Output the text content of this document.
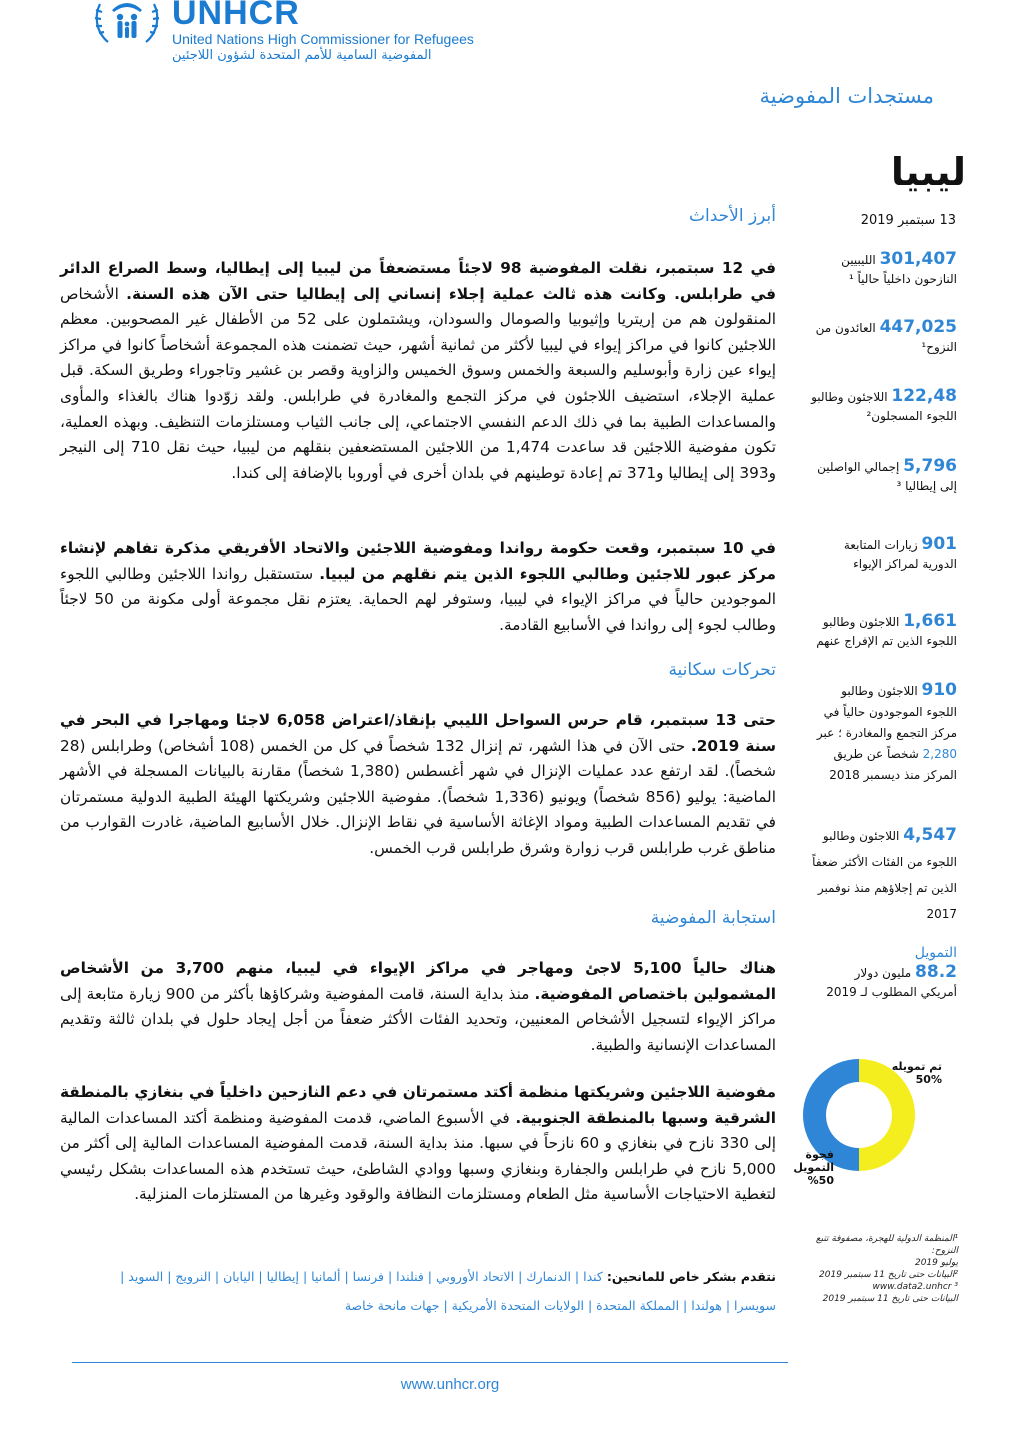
UNHCR
United Nations High Commissioner for Refugees
المفوضية السامية للأمم المتحدة لشؤون اللاجئين
مستجدات المفوضية
ليبيا
13 سبتمبر 2019
أبرز الأحداث
في 12 سبتمبر، نقلت المفوضية 98 لاجئاً مستضعفاً من ليبيا إلى إيطاليا، وسط الصراع الدائر في طرابلس. وكانت هذه ثالث عملية إجلاء إنساني إلى إيطاليا حتى الآن هذه السنة. الأشخاص المنقولون هم من إريتريا وإثيوبيا والصومال والسودان، ويشتملون على 52 من الأطفال غير المصحوبين. معظم اللاجئين كانوا في مراكز إيواء في ليبيا لأكثر من ثمانية أشهر، حيث تضمنت هذه المجموعة أشخاصاً كانوا في مراكز إيواء عين زارة وأبوسليم والسبعة والخمس وسوق الخميس والزاوية وقصر بن غشير وتاجوراء وطريق السكة. قبل عملية الإجلاء، استضيف اللاجئون في مركز التجمع والمغادرة في طرابلس. ولقد زوّدوا هناك بالغذاء والمأوى والمساعدات الطبية بما في ذلك الدعم النفسي الاجتماعي، إلى جانب الثياب ومستلزمات التنظيف. وبهذه العملية، تكون مفوضية اللاجئين قد ساعدت 1,474 من اللاجئين المستضعفين بنقلهم من ليبيا، حيث نقل 710 إلى النيجر و393 إلى إيطاليا و371 تم إعادة توطينهم في بلدان أخرى في أوروبا بالإضافة إلى كندا.
في 10 سبتمبر، وقعت حكومة رواندا ومفوضية اللاجئين والاتحاد الأفريقي مذكرة تفاهم لإنشاء مركز عبور للاجئين وطالبي اللجوء الذين يتم نقلهم من ليبيا. ستستقبل رواندا اللاجئين وطالبي اللجوء الموجودين حالياً في مراكز الإيواء في ليبيا، وستوفر لهم الحماية. يعتزم نقل مجموعة أولى مكونة من 50 لاجئاً وطالب لجوء إلى رواندا في الأسابيع القادمة.
تحركات سكانية
حتى 13 سبتمبر، قام حرس السواحل الليبي بإنقاذ/اعتراض 6,058 لاجئا ومهاجرا في البحر في سنة 2019. حتى الآن في هذا الشهر، تم إنزال 132 شخصاً في كل من الخمس (108 أشخاص) وطرابلس (28 شخصاً). لقد ارتفع عدد عمليات الإنزال في شهر أغسطس (1,380 شخصاً) مقارنة بالبيانات المسجلة في الأشهر الماضية: يوليو (856 شخصاً) ويونيو (1,336 شخصاً). مفوضية اللاجئين وشريكتها الهيئة الطبية الدولية مستمرتان في تقديم المساعدات الطبية ومواد الإغاثة الأساسية في نقاط الإنزال. خلال الأسابيع الماضية، غادرت القوارب من مناطق غرب طرابلس قرب زوارة وشرق طرابلس قرب الخمس.
استجابة المفوضية
هناك حالياً 5,100 لاجئ ومهاجر في مراكز الإيواء في ليبيا، منهم 3,700 من الأشخاص المشمولين باختصاص المفوضية. منذ بداية السنة، قامت المفوضية وشركاؤها بأكثر من 900 زيارة متابعة إلى مراكز الإيواء لتسجيل الأشخاص المعنيين، وتحديد الفئات الأكثر ضعفاً من أجل إيجاد حلول في بلدان ثالثة وتقديم المساعدات الإنسانية والطبية.
مفوضية اللاجئين وشريكتها منظمة أكتد مستمرتان في دعم النازحين داخلياً في بنغازي بالمنطقة الشرقية وسبها بالمنطقة الجنوبية. في الأسبوع الماضي، قدمت المفوضية ومنظمة أكتد المساعدات المالية إلى 330 نازح في بنغازي و 60 نازحاً في سبها. منذ بداية السنة، قدمت المفوضية المساعدات المالية إلى أكثر من 5,000 نازح في طرابلس والجفارة وبنغازي وسبها ووادي الشاطئ، حيث تستخدم هذه المساعدات بشكل رئيسي لتغطية الاحتياجات الأساسية مثل الطعام ومستلزمات النظافة والوقود وغيرها من المستلزمات المنزلية.
301,407 الليبيين
النازحون داخلياً حالياً ¹
447,025 العائدون من
النزوح¹
122,48 اللاجئون وطالبو
اللجوء المسجلون²
5,796 إجمالي الواصلين
إلى إيطاليا ³
901 زيارات المتابعة
الدورية لمراكز الإيواء
1,661 اللاجئون وطالبو
اللجوء الذين تم الإفراج عنهم
910 اللاجئون وطالبو
اللجوء الموجودون حالياً في
مركز التجمع والمغادرة ؛ عبر
2,280 شخصاً عن طريق
المركز منذ ديسمبر 2018
4,547 اللاجئون وطالبو
اللجوء من الفئات الأكثر ضعفاً
الذين تم إجلاؤهم منذ نوفمبر
2017
التمويل
88.2 مليون دولار
أمريكي المطلوب لـ 2019
تم تمويله
50%
فجوة التمويل
%50
¹المنظمة الدولية للهجرة، مصفوفة تتبع النزوح:
يوليو 2019
²البيانات حتى تاريخ 11 سبتمبر 2019
³ www.data2.unhcr
البيانات حتى تاريخ 11 سبتمبر 2019
نتقدم بشكر خاص للمانحين: كندا | الدنمارك | الاتحاد الأوروبي | فنلندا | فرنسا | ألمانيا | إيطاليا | اليابان | النرويج | السويد |
سويسرا | هولندا | المملكة المتحدة | الولايات المتحدة الأمريكية | جهات مانحة خاصة
www.unhcr.org
